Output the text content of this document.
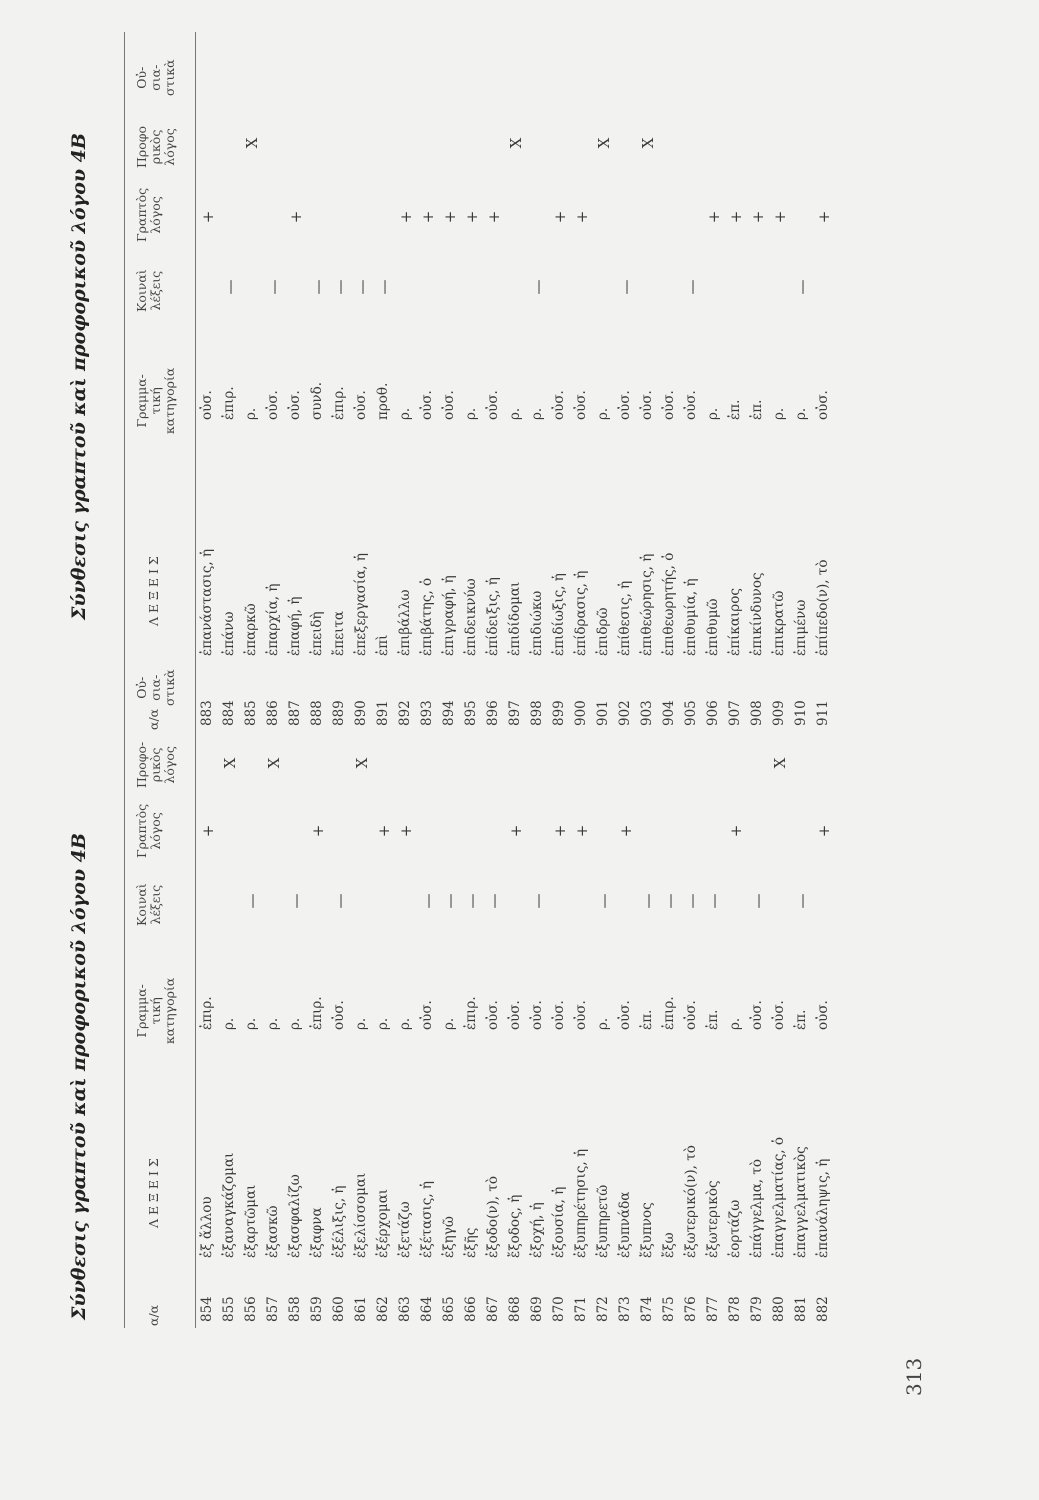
Σύνθεσις γραπτοῦ καὶ προφορικοῦ λόγου 4Β
Σύνθεσις γραπτοῦ καὶ προφορικοῦ λόγου 4Β
α/α
Λ Ε Ξ Ε Ι Σ
Γραμμα-
τική
κατηγορία
Κοιναὶ
λέξεις
Γραπτὸς
λόγος
Προφο-
ρικὸς
λόγος
Οὐ-
σια-
στικὰ
854
ἐξ ἄλλου
ἐπιρ.
+
855
ἐξαναγκάζομαι
ρ.
X
856
ἐξαρτῶμαι
ρ.
—
857
ἐξασκῶ
ρ.
X
858
ἐξασφαλίζω
ρ.
—
859
ἐξαφνα
ἐπιρ.
+
860
ἐξέλιξις, ἡ
οὐσ.
—
861
ἐξελίσσομαι
ρ.
X
862
ἐξέρχομαι
ρ.
+
863
ἐξετάζω
ρ.
+
864
ἐξέτασις, ἡ
οὐσ.
—
865
ἐξηγῶ
ρ.
—
866
ἐξῆς
ἐπιρ.
—
867
ἐξοδο(ν), τὸ
οὐσ.
—
868
ἔξοδος, ἡ
οὐσ.
+
869
ἐξοχή, ἡ
οὐσ.
—
870
ἐξουσία, ἡ
οὐσ.
+
871
ἐξυπηρέτησις, ἡ
οὐσ.
+
872
ἐξυπηρετῶ
ρ.
—
873
ἐξυπνάδα
οὐσ.
+
874
ἔξυπνος
ἐπ.
—
875
ἔξω
ἐπιρ.
—
876
ἐξωτερικό(ν), τὸ
οὐσ.
—
877
ἐξωτερικὸς
ἐπ.
—
878
ἑορτάζω
ρ.
+
879
ἐπάγγελμα, τὸ
οὐσ.
—
880
ἐπαγγελματίας, ὁ
οὐσ.
X
881
ἐπαγγελματικὸς
ἐπ.
—
882
ἐπανάληψις, ἡ
οὐσ.
+
α/α
Λ Ε Ξ Ε Ι Σ
Γραμμα-
τική
κατηγορία
Κοιναὶ
λέξεις
Γραπτὸς
λόγος
Προφο
ρικὸς
λόγος
Οὐ-
σια-
στικὰ
883
ἐπανάστασις, ἡ
οὐσ.
+
884
ἐπάνω
ἐπιρ.
—
885
ἐπαρκῶ
ρ.
X
886
ἐπαρχία, ἡ
οὐσ.
—
887
ἐπαφή, ἡ
οὐσ.
+
888
ἐπειδὴ
συνδ.
—
889
ἔπειτα
ἐπιρ.
—
890
ἐπεξεργασία, ἡ
οὐσ.
—
891
ἐπὶ
προθ.
—
892
ἐπιβάλλω
ρ.
+
893
ἐπιβάτης, ὁ
οὐσ.
+
894
ἐπιγραφή, ἡ
οὐσ.
+
895
ἐπιδεικνύω
ρ.
+
896
ἐπίδειξις, ἡ
οὐσ.
+
897
ἐπιδίδομαι
ρ.
X
898
ἐπιδιώκω
ρ.
—
899
ἐπιδίωξις, ἡ
οὐσ.
+
900
ἐπίδρασις, ἡ
οὐσ.
+
901
ἐπιδρῶ
ρ.
X
902
ἐπίθεσις, ἡ
οὐσ.
—
903
ἐπιθεώρησις, ἡ
οὐσ.
X
904
ἐπιθεωρητής, ὁ
οὐσ.
905
ἐπιθυμία, ἡ
οὐσ.
—
906
ἐπιθυμῶ
ρ.
+
907
ἐπίκαιρος
ἐπ.
+
908
ἐπικίνδυνος
ἐπ.
+
909
ἐπικρατῶ
ρ.
+
910
ἐπιμένω
ρ.
—
911
ἐπίπεδο(ν), τὸ
οὐσ.
+
313
